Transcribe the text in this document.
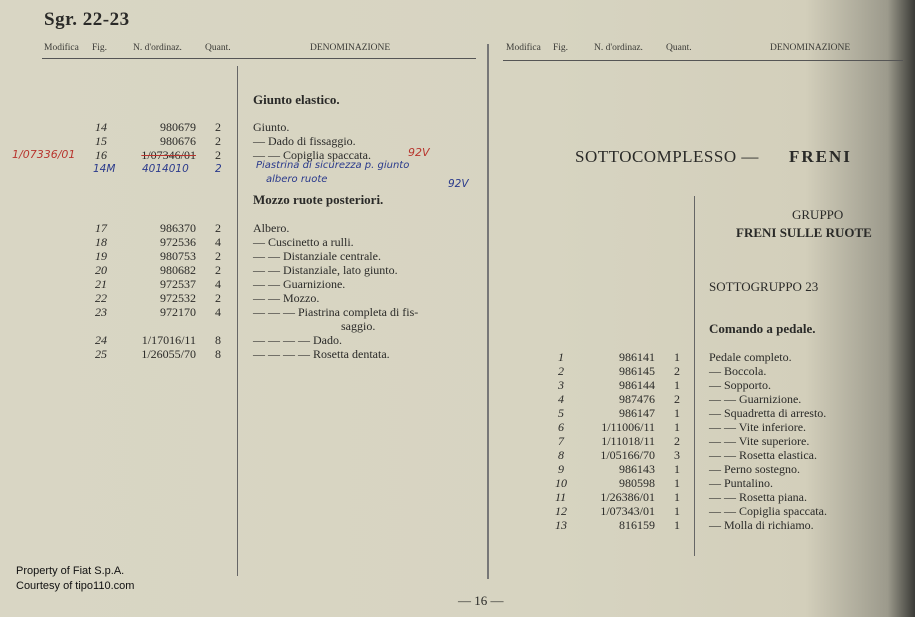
Sgr. 22-23
Modifica Fig.	N. d'ordinaz. Quant.	DENOMINAZIONE	Modifica Fig.	N. d'ordinaz. Quant.	DENOMINAZIONE
Giunto elastico.
14	980679 2	Giunto.
15	980676 2	— Dado di fissaggio.
1/07336/01 16	1/07346/01 2	— — Copiglia spaccata.	92V
14M	4014010 2	Piastrina di sicurezza p. giunto
albero ruote	92V
Mozzo ruote posteriori.
17	986370 2	Albero.
18	972536 4	— Cuscinetto a rulli.
19	980753 2	— — Distanziale centrale.
20	980682 2	— — Distanziale, lato giunto.
21	972537 4	— — Guarnizione.
22	972532 2	— — Mozzo.
23	972170 4	— — — Piastrina completa di fis-
saggio.
24	1/17016/11 8	— — — — Dado.
25	1/26055/70 8	— — — — Rosetta dentata.
SOTTOCOMPLESSO — FRENI
GRUPPO
FRENI SULLE RUOTE
SOTTOGRUPPO 23
Comando a pedale.
1	986141 1 Pedale completo.
2	986145 2 — Boccola.
3	986144 1 — Sopporto.
4	987476 2 — — Guarnizione.
5	986147 1 — Squadretta di arresto.
6	1/11006/11 1 — — Vite inferiore.
7	1/11018/11 2 — — Vite superiore.
8	1/05166/70 3 — — Rosetta elastica.
9	986143 1 — Perno sostegno.
10	980598 1 — Puntalino.
11	1/26386/01 1 — — Rosetta piana.
12	1/07343/01 1 — — Copiglia spaccata.
13	816159 1 — Molla di richiamo.
— 16 —
Property of Fiat S.p.A.
Courtesy of tipo110.com
